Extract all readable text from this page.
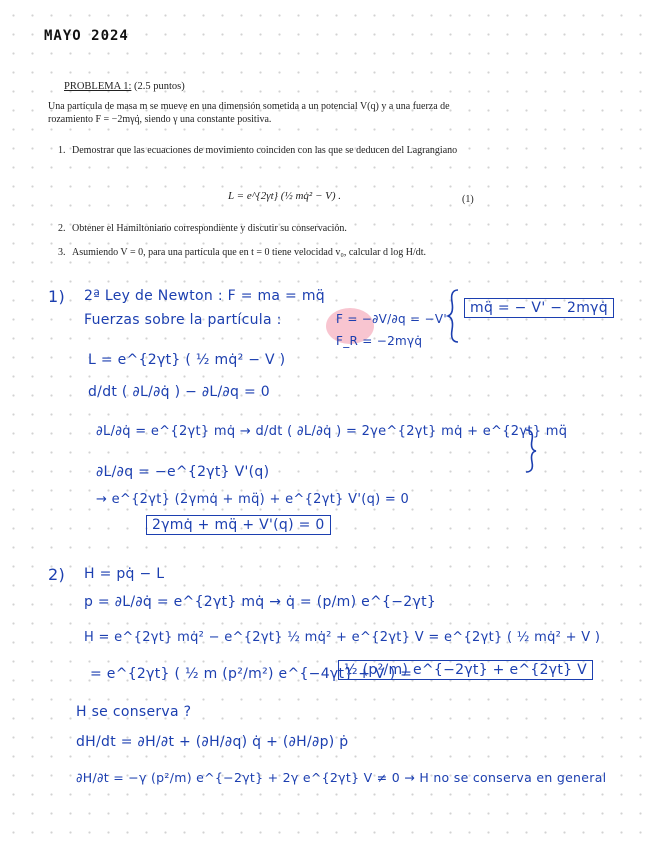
MAYO 2024
PROBLEMA 1: (2.5 puntos)
Una partícula de masa m se mueve en una dimensión sometida a un potencial V(q) y a una fuerza de rozamiento F = −2mγq̇, siendo γ una constante positiva.
1. Demostrar que las ecuaciones de movimiento coinciden con las que se deducen del Lagrangiano
L = e^{2γt} (½ mq̇² − V) .	(1)
2. Obtener el Hamiltoniano correspondiente y discutir su conservación.
3. Asumiendo V = 0, para una partícula que en t = 0 tiene velocidad v₀, calcular d log H/dt.
1) 2ª Ley de Newton : F = ma = mq̈
Fuerzas sobre la partícula :	F = −∂V/∂q = −V'
F_R = −2mγq̇
mq̈ = − V' − 2mγq̇
L = e^{2γt} ( ½ mq̇² − V )
d/dt ( ∂L/∂q̇ ) − ∂L/∂q = 0
∂L/∂q̇ = e^{2γt} mq̇ → d/dt ( ∂L/∂q̇ ) = 2γe^{2γt} mq̇ + e^{2γt} mq̈
∂L/∂q = −e^{2γt} V'(q)
→ e^{2γt} (2γmq̇ + mq̈) + e^{2γt} V'(q) = 0
2γmq̇ + mq̈ + V'(q) = 0
2) H = pq̇ − L
p = ∂L/∂q̇ = e^{2γt} mq̇ → q̇ = (p/m) e^{−2γt}
H = e^{2γt} mq̇² − e^{2γt} ½ mq̇² + e^{2γt} V = e^{2γt} ( ½ mq̇² + V )
= e^{2γt} ( ½ m (p²/m²) e^{−4γt} + V ) =
½ (p²/m) e^{−2γt} + e^{2γt} V
H se conserva ?
dH/dt = ∂H/∂t + (∂H/∂q) q̇ + (∂H/∂p) ṗ
∂H/∂t = −γ (p²/m) e^{−2γt} + 2γ e^{2γt} V ≠ 0 → H no se conserva en general
